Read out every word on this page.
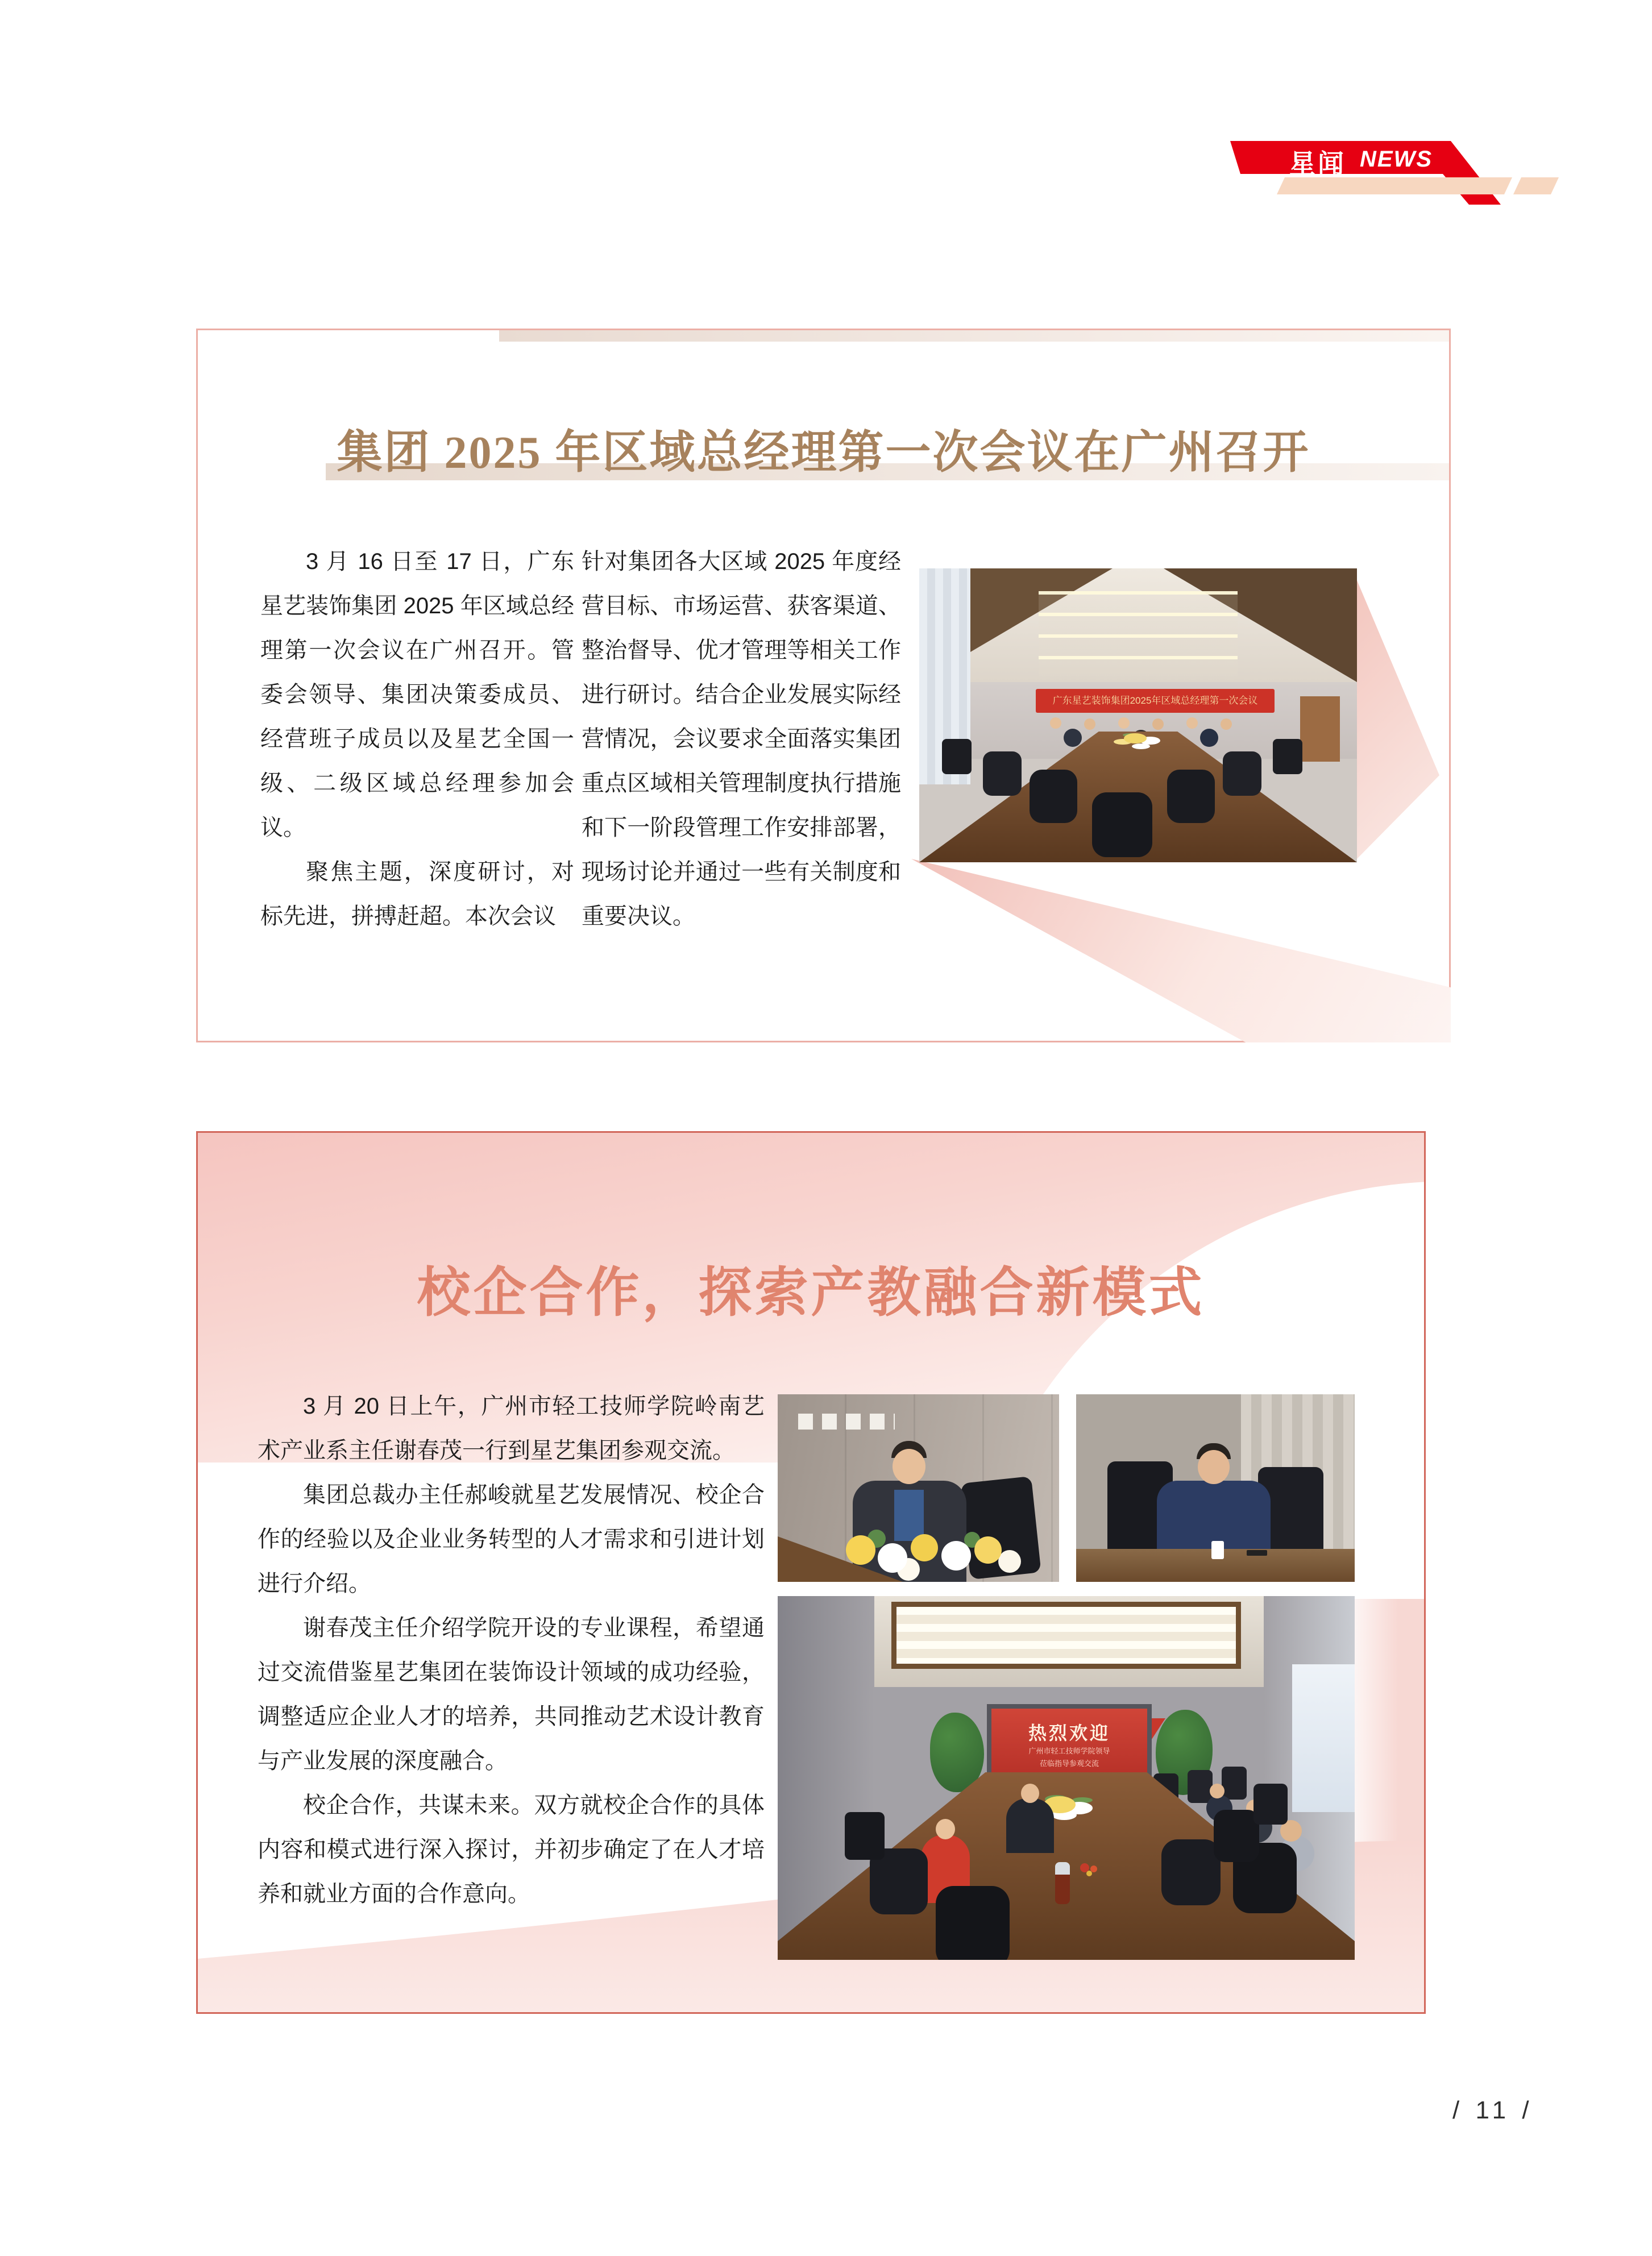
星闻 NEWS
集团 2025 年区域总经理第一次会议在广州召开

3 月 16 日至 17 日，广东星艺装饰集团 2025 年区域总经理第一次会议在广州召开。管委会领导、集团决策委成员、经营班子成员以及星艺全国一级、二级区域总经理参加会议。

聚焦主题，深度研讨，对标先进，拼搏赶超。本次会议

针对集团各大区域 2025 年度经营目标、市场运营、获客渠道、整治督导、优才管理等相关工作进行研讨。结合企业发展实际经营情况，会议要求全面落实集团重点区域相关管理制度执行措施和下一阶段管理工作安排部署，现场讨论并通过一些有关制度和重要决议。

广东星艺装饰集团2025年区域总经理第一次会议
校企合作，探索产教融合新模式

3 月 20 日上午，广州市轻工技师学院岭南艺术产业系主任谢春茂一行到星艺集团参观交流。

集团总裁办主任郝峻就星艺发展情况、校企合作的经验以及企业业务转型的人才需求和引进计划进行介绍。

谢春茂主任介绍学院开设的专业课程，希望通过交流借鉴星艺集团在装饰设计领域的成功经验，调整适应企业人才的培养，共同推动艺术设计教育与产业发展的深度融合。

校企合作，共谋未来。双方就校企合作的具体内容和模式进行深入探讨，并初步确定了在人才培养和就业方面的合作意向。

热烈欢迎
广州市轻工技师学院领导
莅临指导参观交流
/ 11 /
